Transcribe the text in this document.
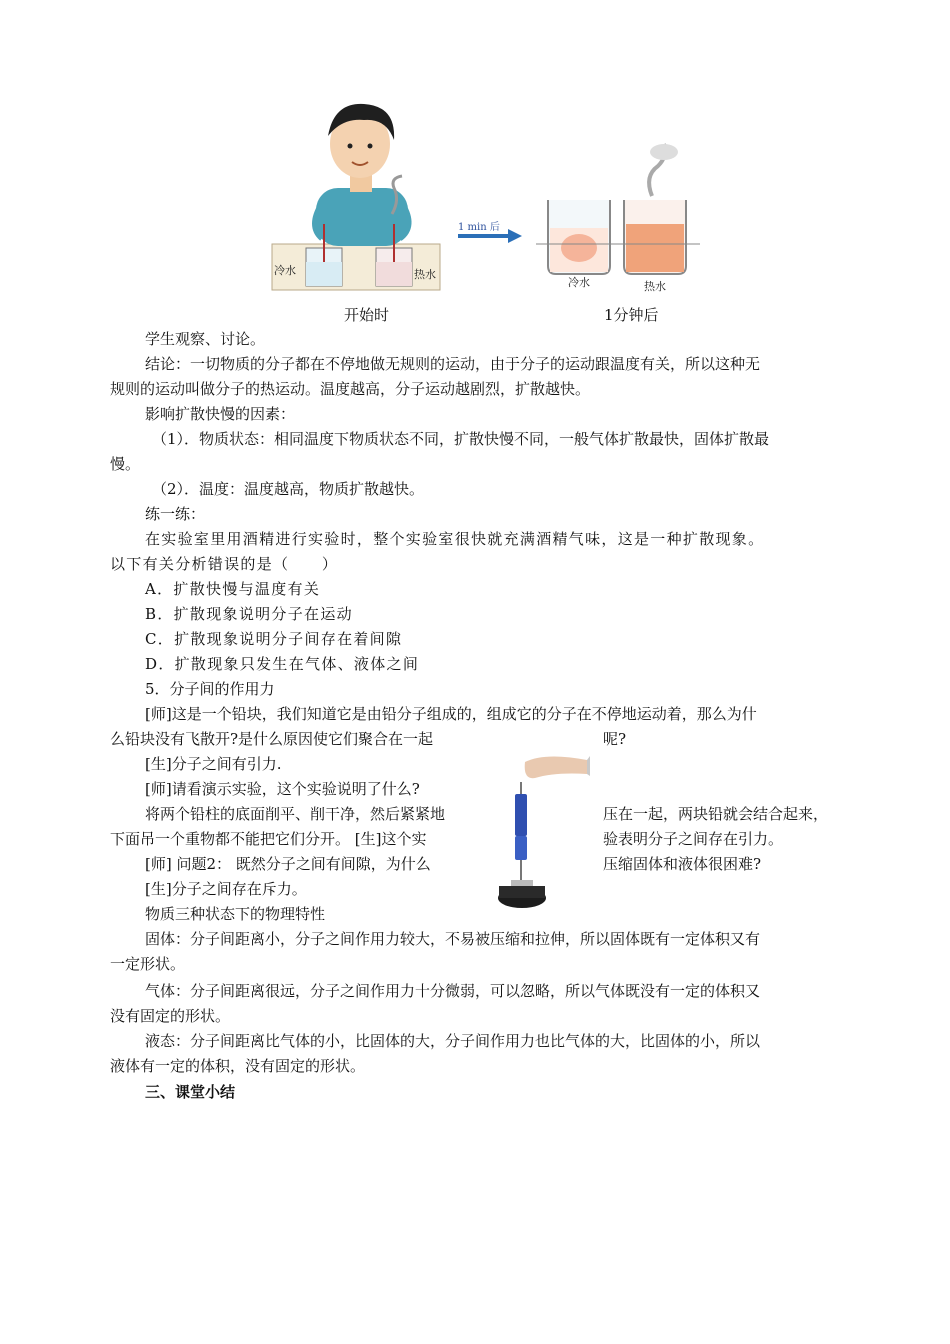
冷水	热水
1 min 后
冷水	热水
开始时	1分钟后
学生观察、讨论。
结论：一切物质的分子都在不停地做无规则的运动，由于分子的运动跟温度有关，所以这种无
规则的运动叫做分子的热运动。温度越高，分子运动越剧烈，扩散越快。
影响扩散快慢的因素：
（1）．物质状态：相同温度下物质状态不同，扩散快慢不同，一般气体扩散最快，固体扩散最
慢。
（2）．温度：温度越高，物质扩散越快。
练一练：
在实验室里用酒精进行实验时，整个实验室很快就充满酒精气味，这是一种扩散现象。
以下有关分析错误的是（　　）
A．扩散快慢与温度有关
B．扩散现象说明分子在运动
C．扩散现象说明分子间存在着间隙
D．扩散现象只发生在气体、液体之间
5．分子间的作用力
[师]这是一个铅块，我们知道它是由铅分子组成的，组成它的分子在不停地运动着，那么为什
么铅块没有飞散开?是什么原因使它们聚合在一起	呢?
[生]分子之间有引力.
[师]请看演示实验，这个实验说明了什么?
将两个铅柱的底面削平、削干净，然后紧紧地	压在一起，两块铅就会结合起来，
下面吊一个重物都不能把它们分开。 [生]这个实	验表明分子之间存在引力。
[师] 问题2： 既然分子之间有间隙，为什么	压缩固体和液体很困难?
[生]分子之间存在斥力。
物质三种状态下的物理特性
固体：分子间距离小，分子之间作用力较大，不易被压缩和拉伸，所以固体既有一定体积又有
一定形状。
气体：分子间距离很远，分子之间作用力十分微弱，可以忽略，所以气体既没有一定的体积又
没有固定的形状。
液态：分子间距离比气体的小，比固体的大，分子间作用力也比气体的大，比固体的小，所以
液体有一定的体积，没有固定的形状。
三、课堂小结
